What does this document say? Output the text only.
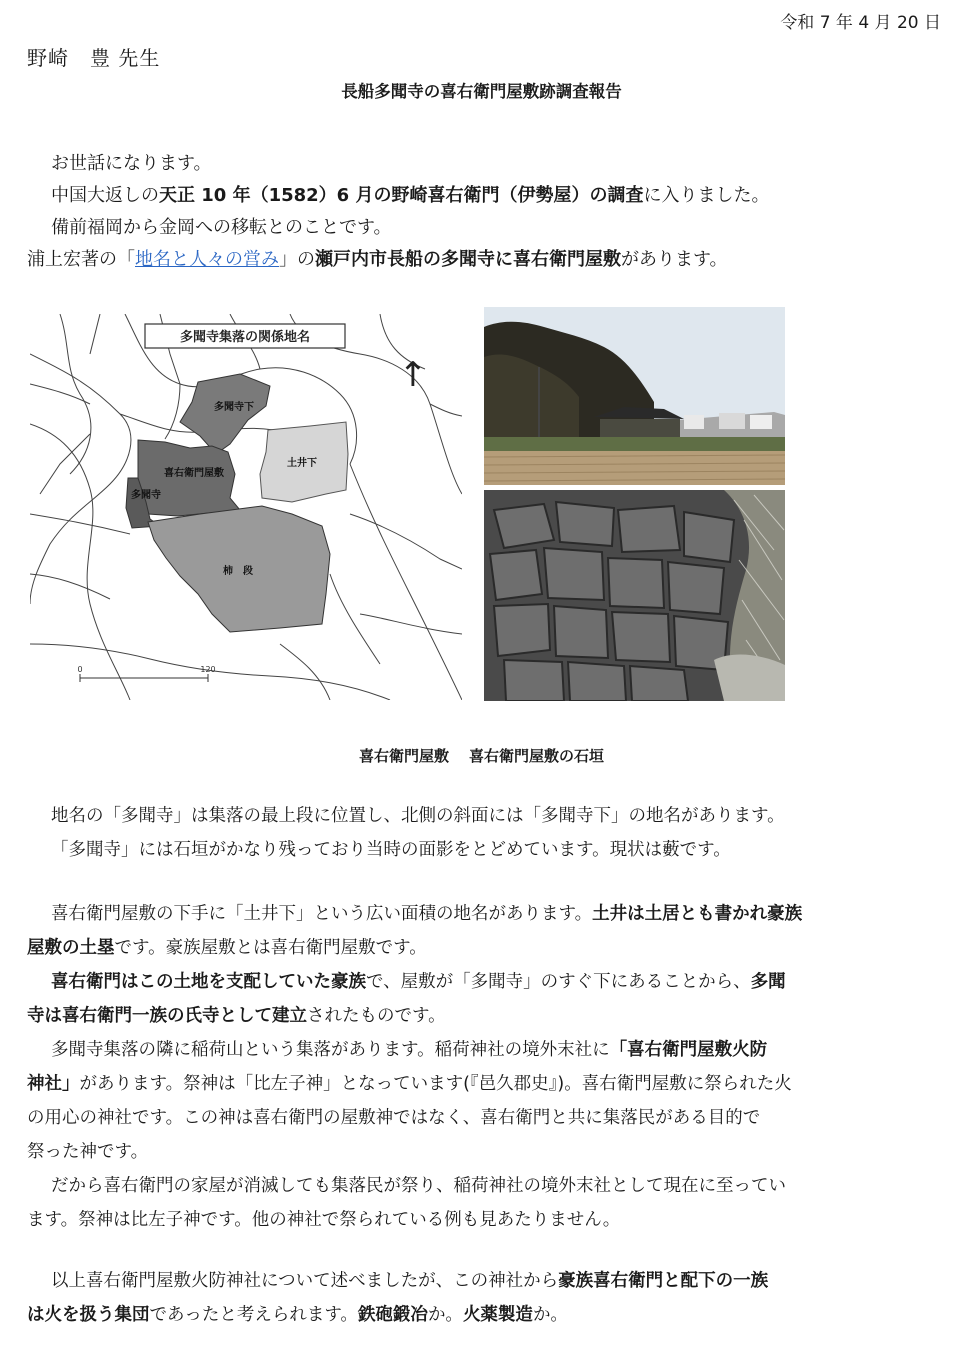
令和 7 年 4 月 20 日
野崎　豊 先生
長船多聞寺の喜右衛門屋敷跡調査報告
お世話になります。
中国大返しの天正 10 年（1582）6 月の野崎喜右衛門（伊勢屋）の調査に入りました。
備前福岡から金岡への移転とのことです。
浦上宏著の「地名と人々の営み」の瀬戸内市長船の多聞寺に喜右衛門屋敷があります。
多聞寺集落の関係地名
↑
多聞寺下
喜右衛門屋敷
多聞寺
土井下
柿　段
0	120
喜右衛門屋敷 喜右衛門屋敷の石垣
地名の「多聞寺」は集落の最上段に位置し、北側の斜面には「多聞寺下」の地名があります。
「多聞寺」には石垣がかなり残っており当時の面影をとどめています。現状は藪です。
喜右衛門屋敷の下手に「土井下」という広い面積の地名があります。土井は土居とも書かれ豪族
屋敷の土塁です。豪族屋敷とは喜右衛門屋敷です。
喜右衛門はこの土地を支配していた豪族で、屋敷が「多聞寺」のすぐ下にあることから、多聞
寺は喜右衛門一族の氏寺として建立されたものです。
多聞寺集落の隣に稲荷山という集落があります。稲荷神社の境外末社に「喜右衛門屋敷火防
神社」があります。祭神は「比左子神」となっています(『邑久郡史』)。喜右衛門屋敷に祭られた火
の用心の神社です。この神は喜右衛門の屋敷神ではなく、喜右衛門と共に集落民がある目的で
祭った神です。
だから喜右衛門の家屋が消滅しても集落民が祭り、稲荷神社の境外末社として現在に至ってい
ます。祭神は比左子神です。他の神社で祭られている例も見あたりません。
以上喜右衛門屋敷火防神社について述べましたが、この神社から豪族喜右衛門と配下の一族
は火を扱う集団であったと考えられます。鉄砲鍛冶か。火薬製造か。
